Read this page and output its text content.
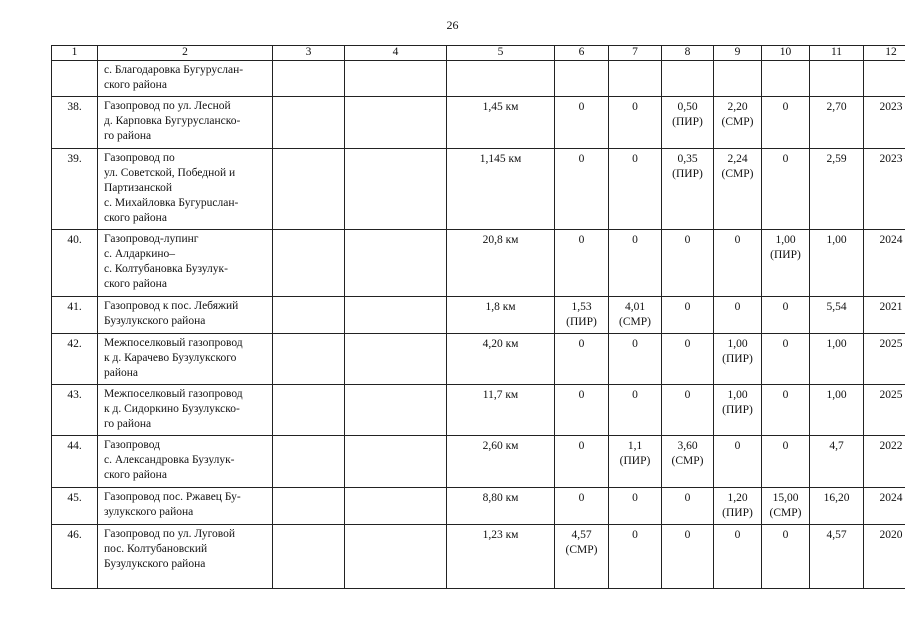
26
1	2	3	4	5	6	7	8	9	10	11	12

	с. Благодаровка Бугуруслан-
ского района										

38.	Газопровод по ул. Лесной
д. Карповка Бугурусланско-
го района			1,45 км	0	0	0,50
(ПИР)	2,20
(СМР)	0	2,70	2023

39.	Газопровод по
ул. Советской, Победной и
Партизанской
с. Михайловка Бугурuслан-
ского района			1,145 км	0	0	0,35
(ПИР)	2,24
(СМР)	0	2,59	2023

40.	Газопровод-лупинг
с. Алдаркино–
с. Колтубановка Бузулук-
ского района			20,8 км	0	0	0	0	1,00
(ПИР)	1,00	2024

41.	Газопровод к пос. Лебяжий
Бузулукского района			1,8 км	1,53
(ПИР)	4,01
(СМР)	0	0	0	5,54	2021

42.	Межпоселковый газопровод
к д. Карачево Бузулукского
района			4,20 км	0	0	0	1,00
(ПИР)	0	1,00	2025

43.	Межпоселковый газопровод
к д. Сидоркино Бузулукско-
го района			11,7 км	0	0	0	1,00
(ПИР)	0	1,00	2025

44.	Газопровод
с. Александровка Бузулук-
ского района			2,60 км	0	1,1
(ПИР)	3,60
(СМР)	0	0	4,7	2022

45.	Газопровод пос. Ржавец Бу-
зулукского района			8,80 км	0	0	0	1,20
(ПИР)	15,00
(СМР)	16,20	2024

46.	Газопровод по ул. Луговой
пос. Колтубановский
Бузулукского района			1,23 км	4,57
(СМР)	0	0	0	0	4,57	2020
